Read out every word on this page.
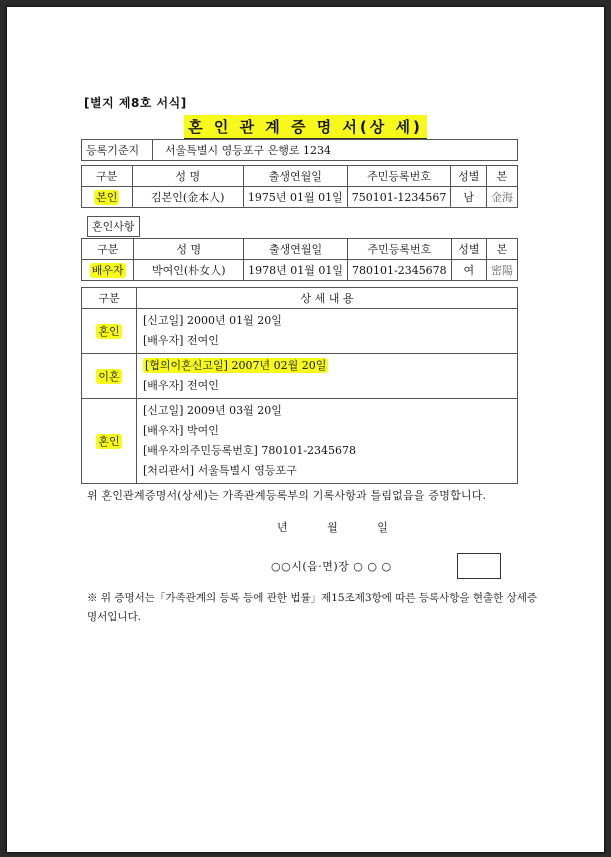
[별지 제8호 서식]
혼 인 관 계 증 명 서(상 세)
등록기준지	서울특별시 영등포구 은행로 1234
구분	성 명	출생연월일	주민등록번호	성별	본
본인	김본인(金本人)	1975년 01월 01일	750101-1234567	남	金海
혼인사항
구분	성 명	출생연월일	주민등록번호	성별	본
배우자	박여인(朴女人)	1978년 01월 01일	780101-2345678	여	密陽
구분	상 세 내 용
혼인	[신고일] 2000년 01월 20일
[배우자] 전여인

이혼	[협의이혼신고일] 2007년 02월 20일
[배우자] 전여인

혼인	[신고일] 2009년 03월 20일
[배우자] 박여인
[배우자의주민등록번호] 780101-2345678
[처리관서] 서울특별시 영등포구
위 혼인관계증명서(상세)는 가족관계등록부의 기록사항과 틀림없음을 증명합니다.
년	월	일
○○시(읍·면)장 ○ ○ ○
※ 위 증명서는「가족관계의 등록 등에 관한 법률」제15조제3항에 따른 등록사항을 현출한 상세증명서입니다.
